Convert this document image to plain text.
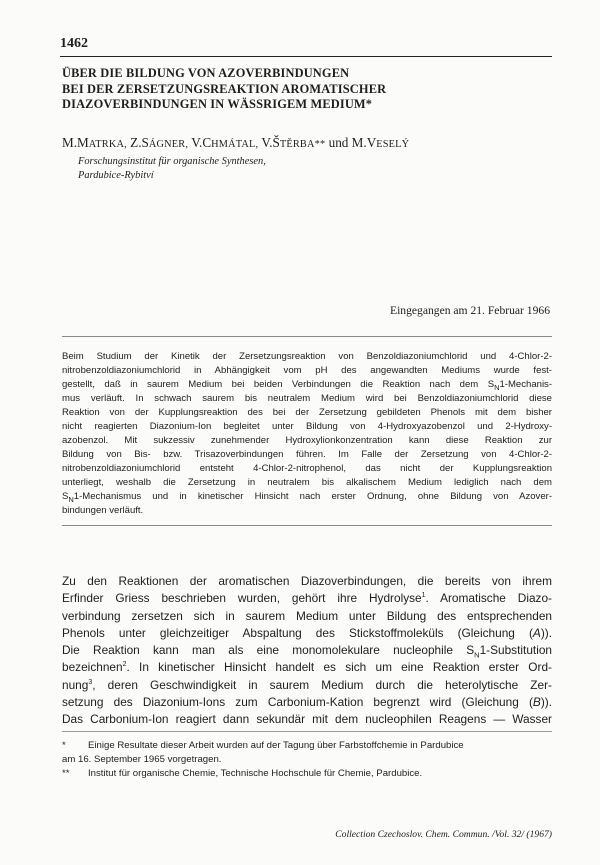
1462
ÜBER DIE BILDUNG VON AZOVERBINDUNGEN
BEI DER ZERSETZUNGSREAKTION AROMATISCHER
DIAZOVERBINDUNGEN IN WÄSSRIGEM MEDIUM*
M.MATRKA, Z.SÁGNER, V.CHMÁTAL, V.ŠTĚRBA** und M.VESELÝ
Forschungsinstitut für organische Synthesen,
Pardubice-Rybitví
Eingegangen am 21. Februar 1966
Beim Studium der Kinetik der Zersetzungsreaktion von Benzoldiazoniumchlorid und 4-Chlor-2-
nitrobenzoldiazoniumchlorid in Abhängigkeit vom pH des angewandten Mediums wurde fest-
gestellt, daß in saurem Medium bei beiden Verbindungen die Reaktion nach dem $S_N1-Mechanis-$
mus verläuft. In schwach saurem bis neutralem Medium wird bei Benzoldiazoniumchlorid diese
Reaktion von der Kupplungsreaktion des bei der Zersetzung gebildeten Phenols mit dem bisher
nicht reagierten Diazonium-Ion begleitet unter Bildung von 4-Hydroxyazobenzol und 2-Hydroxy-
azobenzol. Mit sukzessiv zunehmender Hydroxylionkonzentration kann diese Reaktion zur
Bildung von Bis- bzw. Trisazoverbindungen führen. Im Falle der Zersetzung von 4-Chlor-2-
nitrobenzoldiazoniumchlorid entsteht 4-Chlor-2-nitrophenol, das nicht der Kupplungsreaktion
unterliegt, weshalb die Zersetzung in neutralem bis alkalischem Medium lediglich nach dem
$S_N1$-Mechanismus und in kinetischer Hinsicht nach erster Ordnung, ohne Bildung von Azover-
bindungen verläuft.
Zu den Reaktionen der aromatischen Diazoverbindungen, die bereits von ihrem
Erfinder Griess beschrieben wurden, gehört ihre Hydrolyse$^1$. Aromatische Diazo-
verbindung zersetzen sich in saurem Medium unter Bildung des entsprechenden
Phenols unter gleichzeitiger Abspaltung des Stickstoffmoleküls (Gleichung (A)).
Die Reaktion kann man als eine monomolekulare nucleophile $S_N1$-Substitution
bezeichnen$^2$. In kinetischer Hinsicht handelt es sich um eine Reaktion erster Ord-
nung$^3$, deren Geschwindigkeit in saurem Medium durch die heterolytische Zer-
setzung des Diazonium-Ions zum Carbonium-Kation begrenzt wird (Gleichung (B)).
Das Carbonium-Ion reagiert dann sekundär mit dem nucleophilen Reagens — Wasser
* Einige Resultate dieser Arbeit wurden auf der Tagung über Farbstoffchemie in Pardubice
am 16. September 1965 vorgetragen.
** Institut für organische Chemie, Technische Hochschule für Chemie, Pardubice.
Collection Czechoslov. Chem. Commun. /Vol. 32/ (1967)
